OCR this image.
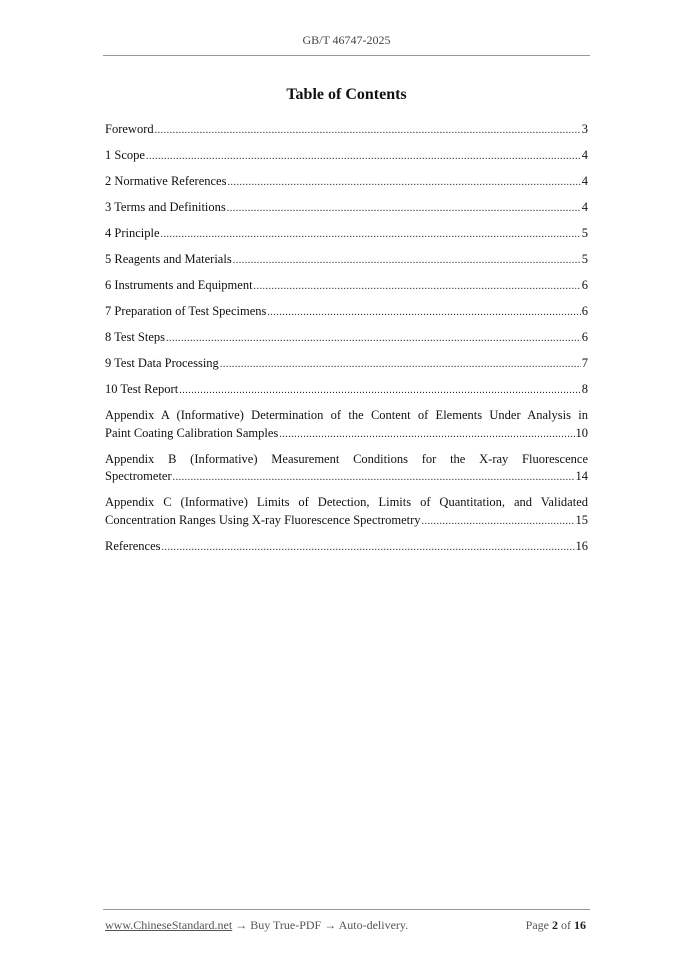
GB/T 46747-2025
Table of Contents
Foreword .....	3
1 Scope .....	4
2 Normative References .....	4
3 Terms and Definitions .....	4
4 Principle .....	5
5 Reagents and Materials .....	5
6 Instruments and Equipment .....	6
7 Preparation of Test Specimens .....	6
8 Test Steps .....	6
9 Test Data Processing .....	7
10 Test Report .....	8
Appendix A (Informative) Determination of the Content of Elements Under Analysis in
Paint Coating Calibration Samples .....	10
Appendix B (Informative) Measurement Conditions for the X-ray Fluorescence
Spectrometer .....	14
Appendix C (Informative) Limits of Detection, Limits of Quantitation, and Validated
Concentration Ranges Using X-ray Fluorescence Spectrometry .....	15
References .....	16
www.ChineseStandard.net → Buy True-PDF → Auto-delivery.	Page 2 of 16
